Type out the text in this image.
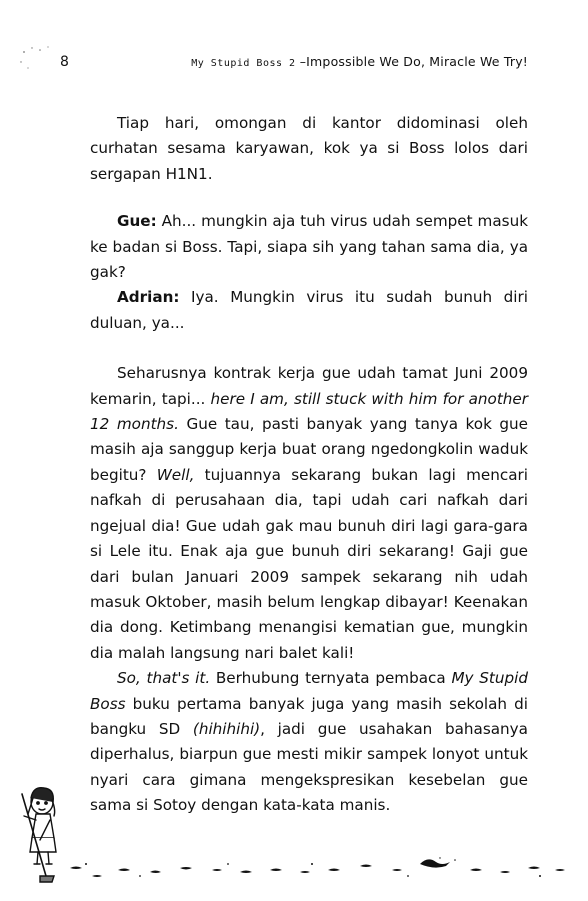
8	My Stupid Boss 2 –Impossible We Do, Miracle We Try!

Tiap hari, omongan di kantor didominasi oleh curhatan sesama karyawan, kok ya si Boss lolos dari sergapan H1N1.

Gue: Ah... mungkin aja tuh virus udah sempet masuk ke badan si Boss. Tapi, siapa sih yang tahan sama dia, ya gak?

Adrian: Iya. Mungkin virus itu sudah bunuh diri duluan, ya...

Seharusnya kontrak kerja gue udah tamat Juni 2009 kemarin, tapi... here I am, still stuck with him for another 12 months. Gue tau, pasti banyak yang tanya kok gue masih aja sanggup kerja buat orang ngedongkolin waduk begitu? Well, tujuannya sekarang bukan lagi mencari nafkah di perusahaan dia, tapi udah cari nafkah dari ngejual dia! Gue udah gak mau bunuh diri lagi gara-gara si Lele itu. Enak aja gue bunuh diri sekarang! Gaji gue dari bulan Januari 2009 sampek sekarang nih udah masuk Oktober, masih belum lengkap dibayar! Keenakan dia dong. Ketimbang menangisi kematian gue, mungkin dia malah langsung nari balet kali!

So, that's it. Berhubung ternyata pembaca My Stupid Boss buku pertama banyak juga yang masih sekolah di bangku SD (hihihihi), jadi gue usahakan bahasanya diperhalus, biarpun gue mesti mikir sampek lonyot untuk nyari cara gimana mengekspresikan kesebelan gue sama si Sotoy dengan kata-kata manis.
